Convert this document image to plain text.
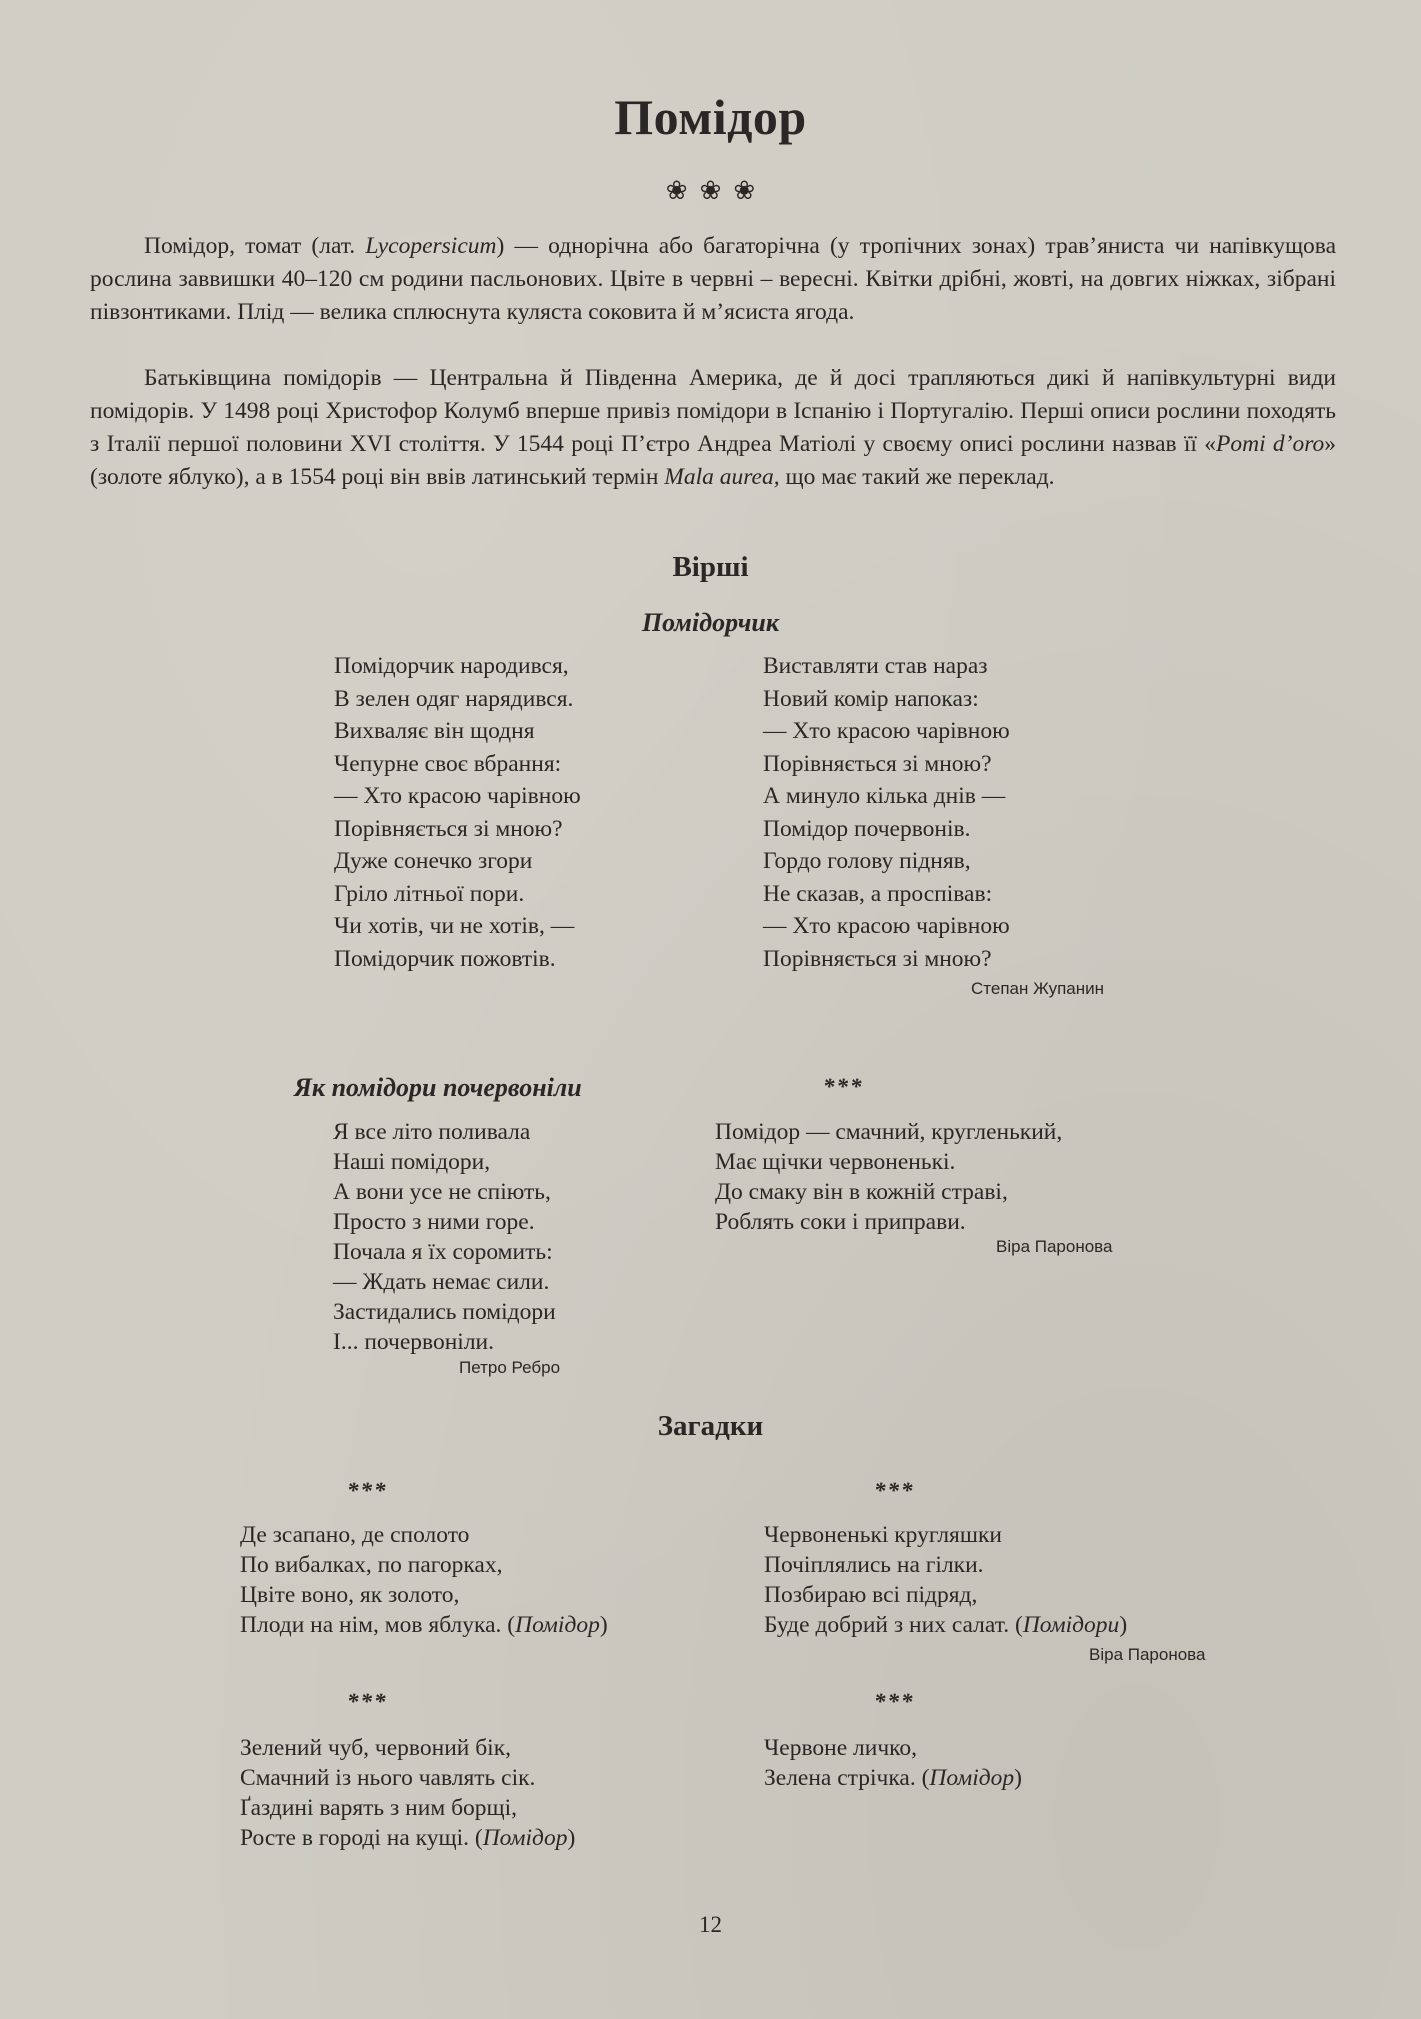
Помідор
❀ ❀ ❀

Помідор, томат (лат. Lycopersicum) — однорічна або багаторічна (у тропічних зонах) трав’яниста чи напівкущова рослина заввишки 40–120 см родини пасльонових. Цвіте в червні – вересні. Квітки дрібні, жовті, на довгих ніжках, зібрані півзонтиками. Плід — велика сплюснута куляста соковита й м’ясиста ягода.

Батьківщина помідорів — Центральна й Південна Америка, де й досі трапляються дикі й напівкультурні види помідорів. У 1498 році Христофор Колумб вперше привіз помідори в Іспанію і Португалію. Перші описи рослини походять з Італії першої половини XVI століття. У 1544 році П’єтро Андреа Матіолі у своєму описі рослини назвав її «Pomi d’oro» (золоте яблуко), а в 1554 році він ввів латинський термін Mala aurea, що має такий же переклад.

Вірші
Помідорчик
Помідорчик народився,
В зелен одяг нарядився.
Вихваляє він щодня
Чепурне своє вбрання:
— Хто красою чарівною
Порівняється зі мною?
Дуже сонечко згори
Гріло літньої пори.
Чи хотів, чи не хотів, —
Помідорчик пожовтів.
Виставляти став нараз
Новий комір напоказ:
— Хто красою чарівною
Порівняється зі мною?
А минуло кілька днів —
Помідор почервонів.
Гордо голову підняв,
Не сказав, а проспівав:
— Хто красою чарівною
Порівняється зі мною?
Степан Жупанин
Як помідори почервоніли
Я все літо поливала
Наші помідори,
А вони усе не спіють,
Просто з ними горе.
Почала я їх соромить:
— Ждать немає сили.
Застидались помідори
І... почервоніли.
Петро Ребро
***
Помідор — смачний, кругленький,
Має щічки червоненькі.
До смаку він в кожній страві,
Роблять соки і приправи.
Віра Паронова
Загадки
***
Де зсапано, де сполото
По вибалках, по пагорках,
Цвіте воно, як золото,
Плоди на нім, мов яблука. (Помідор)
***
Червоненькі кругляшки
Почіплялись на гілки.
Позбираю всі підряд,
Буде добрий з них салат. (Помідори)
Віра Паронова
***
Зелений чуб, червоний бік,
Смачний із нього чавлять сік.
Ґаздині варять з ним борщі,
Росте в городі на кущі. (Помідор)
***
Червоне личко,
Зелена стрічка. (Помідор)
12
